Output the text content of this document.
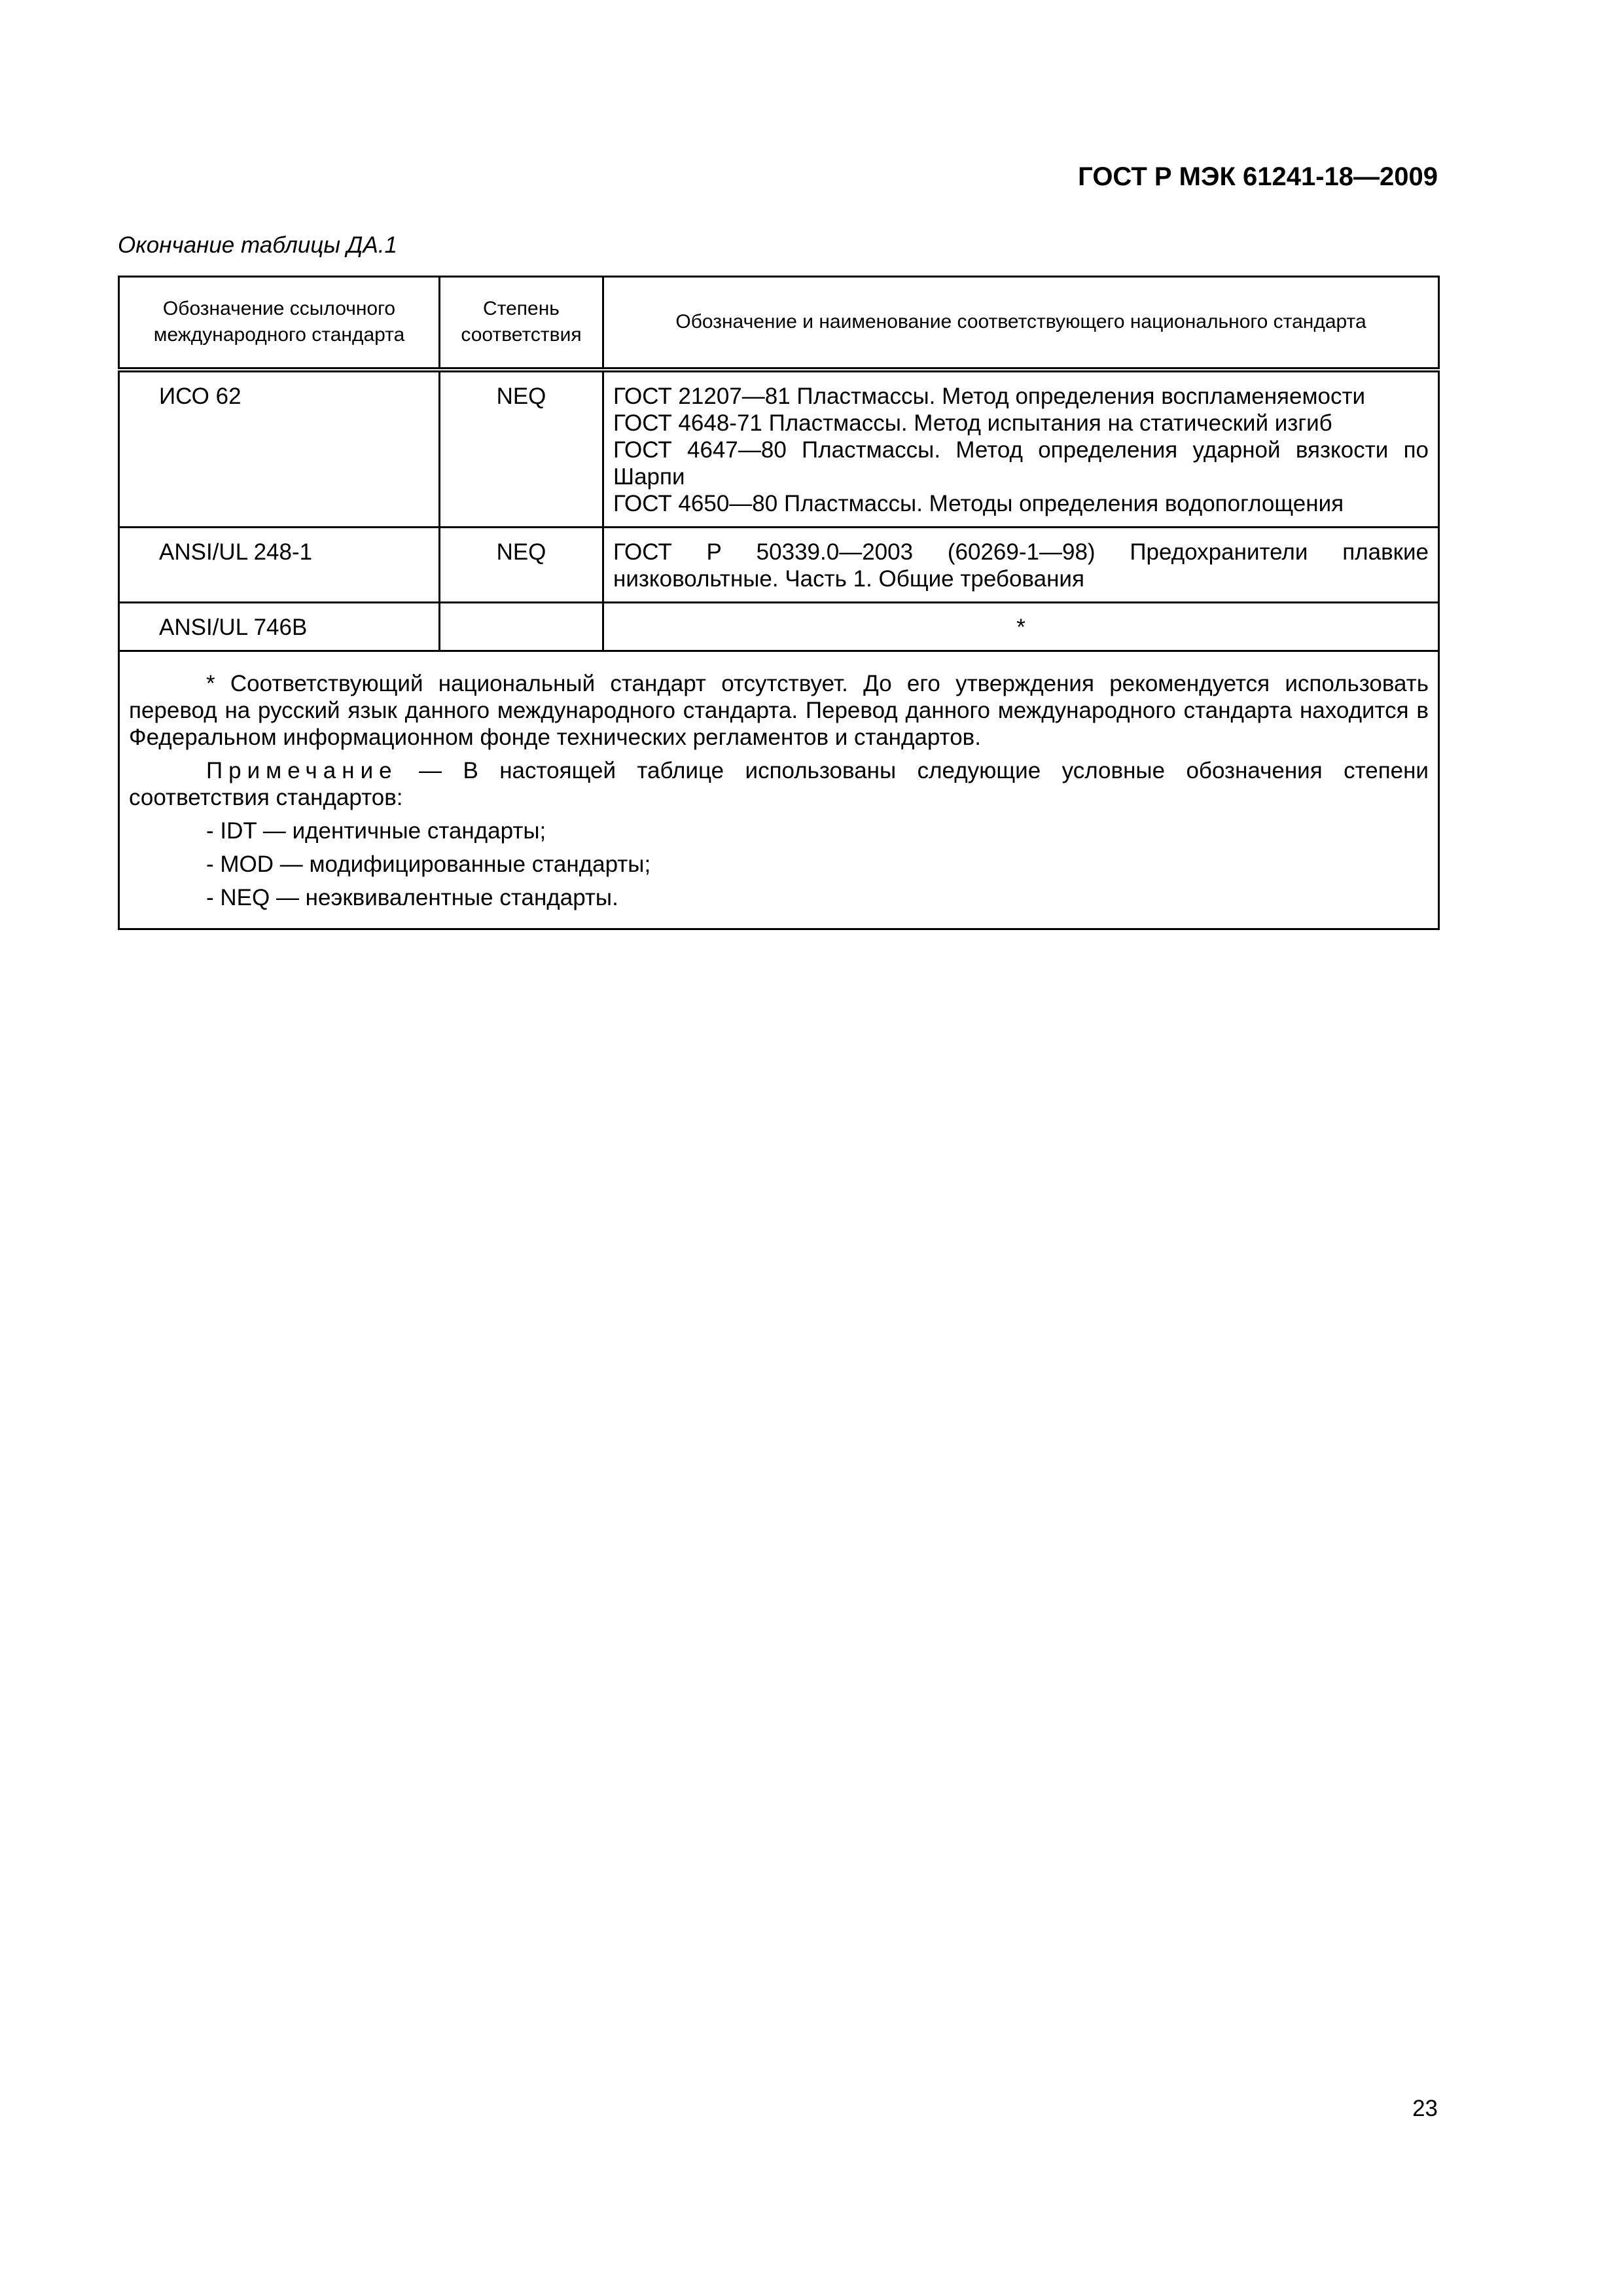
ГОСТ Р МЭК 61241-18—2009
Окончание таблицы ДА.1
Обозначение ссылочного международного стандарта	Степень соответствия	Обозначение и наименование соответствующего национального стандарта
ИСО 62	NEQ	ГОСТ 21207—81 Пластмассы. Метод определения воспламеняемости
ГОСТ 4648-71 Пластмассы. Метод испытания на статический изгиб
ГОСТ 4647—80 Пластмассы. Метод определения ударной вязкости по Шарпи
ГОСТ 4650—80 Пластмассы. Методы определения водопоглощения

ANSI/UL 248-1	NEQ	ГОСТ Р 50339.0—2003 (60269-1—98) Предохранители плавкие низковольтные. Часть 1. Общие требования

ANSI/UL 746B		*

* Соответствующий национальный стандарт отсутствует. До его утверждения рекомендуется использовать перевод на русский язык данного международного стандарта. Перевод данного международного стандарта находится в Федеральном информационном фонде технических регламентов и стандартов.

Примечание — В настоящей таблице использованы следующие условные обозначения степени соответствия стандартов:

- IDT — идентичные стандарты;

- MOD — модифицированные стандарты;

- NEQ — неэквивалентные стандарты.		

23
